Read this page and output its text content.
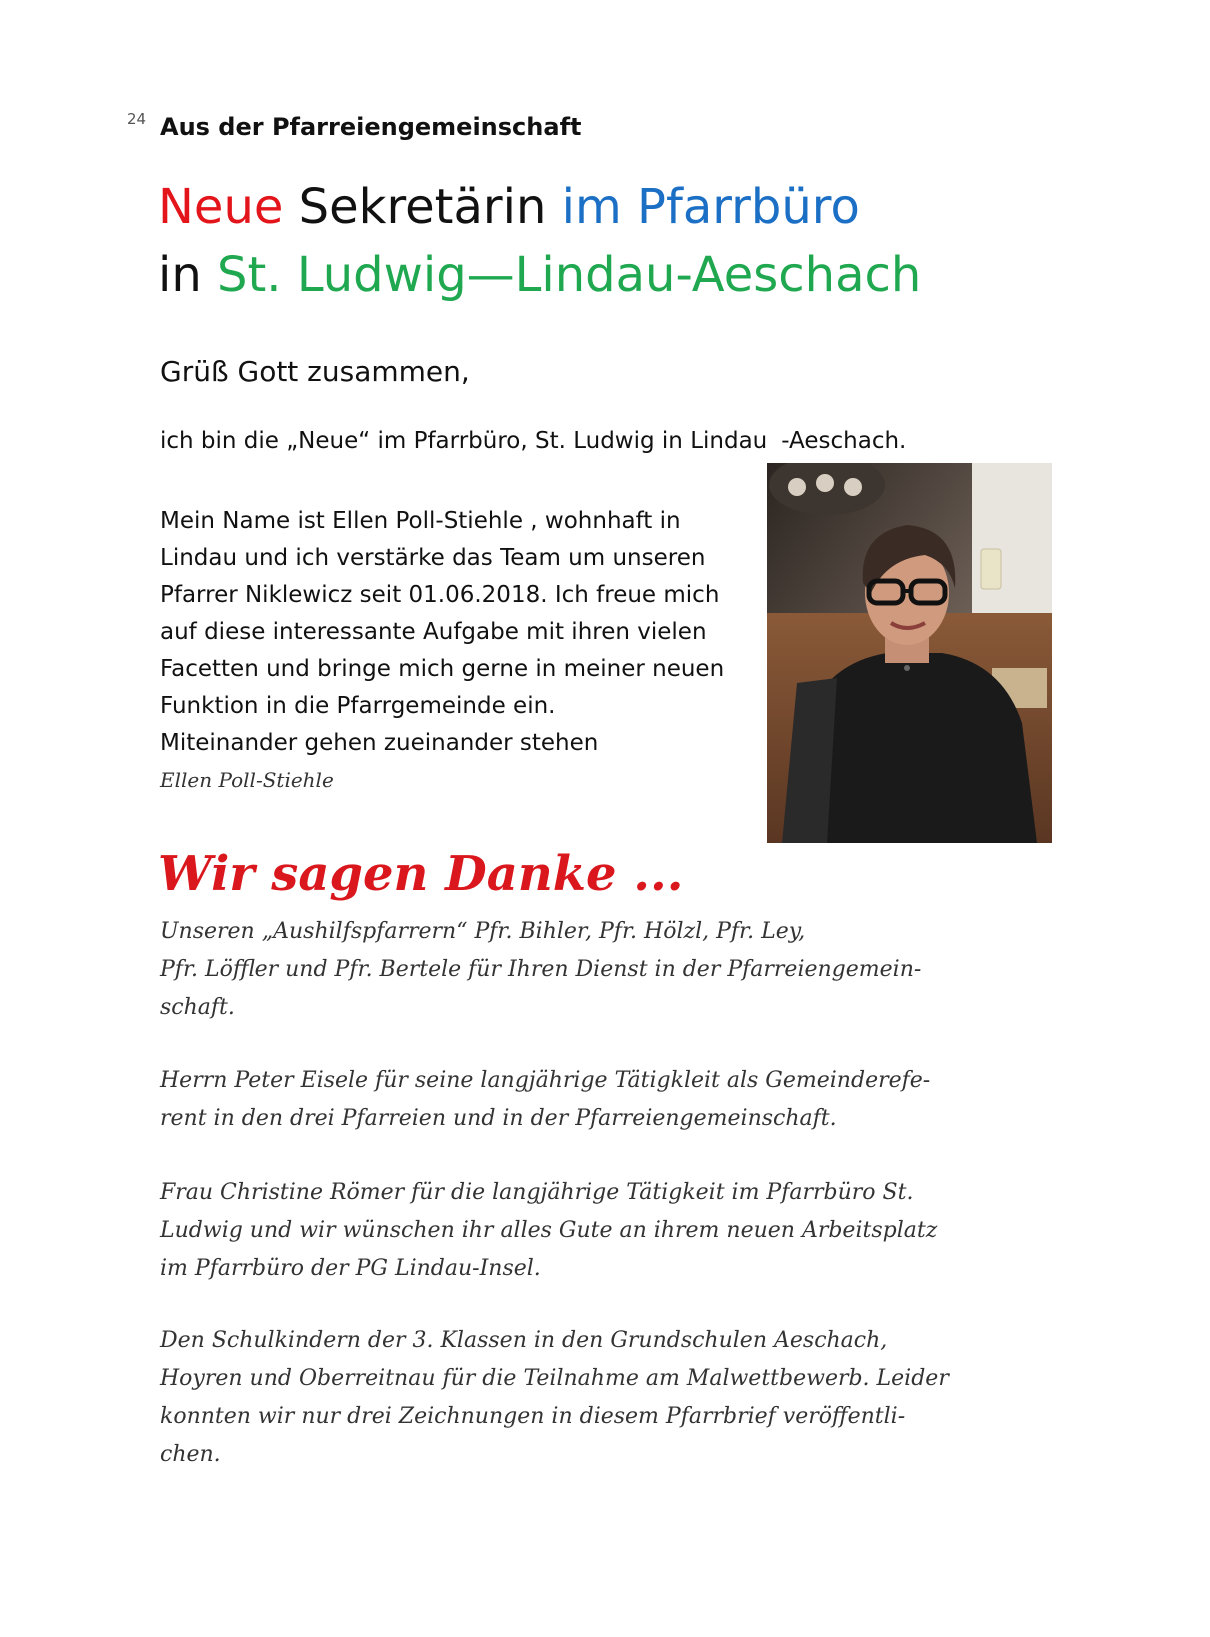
24 Aus der Pfarreiengemeinschaft
Neue Sekretärin im Pfarrbüro
in St. Ludwig—Lindau-Aeschach
Grüß Gott zusammen,
ich bin die „Neue“ im Pfarrbüro, St. Ludwig in Lindau -Aeschach.
Mein Name ist Ellen Poll-Stiehle , wohnhaft in
Lindau und ich verstärke das Team um unseren
Pfarrer Niklewicz seit 01.06.2018. Ich freue mich
auf diese interessante Aufgabe mit ihren vielen
Facetten und bringe mich gerne in meiner neuen
Funktion in die Pfarrgemeinde ein.
Miteinander gehen zueinander stehen
Ellen Poll-Stiehle
Wir sagen Danke ...
Unseren „Aushilfspfarrern“ Pfr. Bihler, Pfr. Hölzl, Pfr. Ley,
Pfr. Löffler und Pfr. Bertele für Ihren Dienst in der Pfarreiengemein-
schaft.
Herrn Peter Eisele für seine langjährige Tätigkleit als Gemeinderefe-
rent in den drei Pfarreien und in der Pfarreiengemeinschaft.
Frau Christine Römer für die langjährige Tätigkeit im Pfarrbüro St.
Ludwig und wir wünschen ihr alles Gute an ihrem neuen Arbeitsplatz
im Pfarrbüro der PG Lindau-Insel.
Den Schulkindern der 3. Klassen in den Grundschulen Aeschach,
Hoyren und Oberreitnau für die Teilnahme am Malwettbewerb. Leider
konnten wir nur drei Zeichnungen in diesem Pfarrbrief veröffentli-
chen.
